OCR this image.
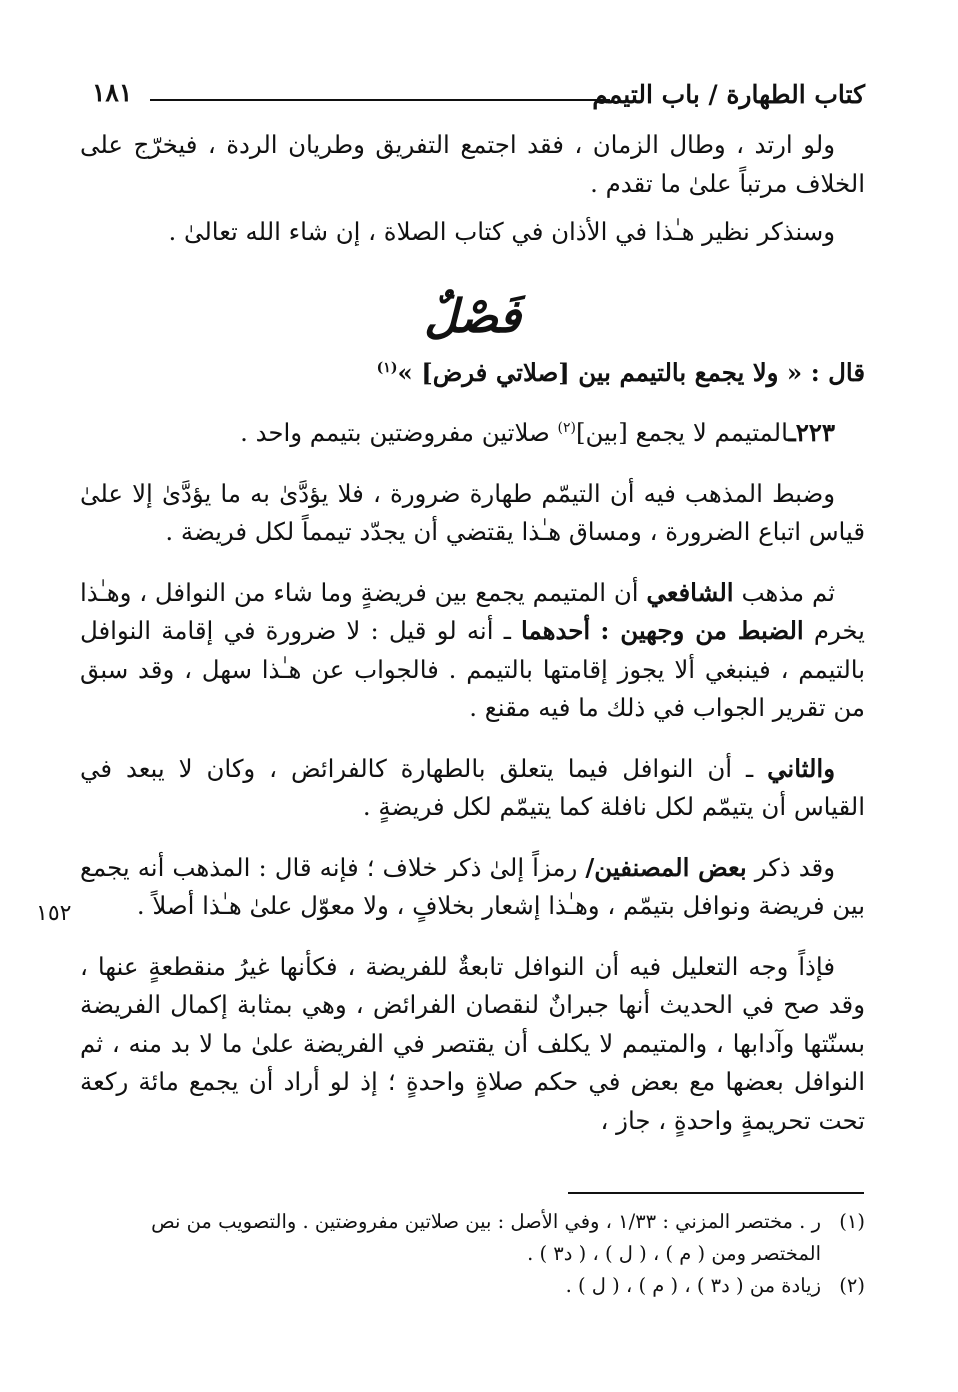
كتاب الطهارة / باب التيمم
١٨١

ولو ارتد ، وطال الزمان ، فقد اجتمع التفريق وطريان الردة ، فيخرّج على الخلاف مرتباً علىٰ ما تقدم .

وسنذكر نظير هـٰذا في الأذان في كتاب الصلاة ، إن شاء الله تعالىٰ .

فَصْلٌ

قال : « ولا يجمع بالتيمم بين [صلاتي فرض] »$^{(١)}$

٢٢٣ـالمتيمم لا يجمع [بين]$^{(٢)}$ صلاتين مفروضتين بتيمم واحد .

وضبط المذهب فيه أن التيمّم طهارة ضرورة ، فلا يؤدَّىٰ به ما يؤدَّىٰ إلا علىٰ قياس اتباع الضرورة ، ومساق هـٰذا يقتضي أن يجدّد تيمماً لكل فريضة .

ثم مذهب الشافعي أن المتيمم يجمع بين فريضةٍ وما شاء من النوافل ، وهـٰذا يخرم الضبط من وجهين : أحدهما ـ أنه لو قيل : لا ضرورة في إقامة النوافل بالتيمم ، فينبغي ألا يجوز إقامتها بالتيمم . فالجواب عن هـٰذا سهل ، وقد سبق من تقرير الجواب في ذلك ما فيه مقنع .

والثاني ـ أن النوافل فيما يتعلق بالطهارة كالفرائض ، وكان لا يبعد في القياس أن يتيمّم لكل نافلة كما يتيمّم لكل فريضةٍ .

وقد ذكر بعض المصنفين/ رمزاً إلىٰ ذكر خلاف ؛ فإنه قال : المذهب أنه يجمع بين فريضة ونوافل بتيمّم ، وهـٰذا إشعار بخلافٍ ، ولا معوّل علىٰ هـٰذا أصلاً .

فإذاً وجه التعليل فيه أن النوافل تابعةٌ للفريضة ، فكأنها غيرُ منقطعةٍ عنها ، وقد صح في الحديث أنها جبرانٌ لنقصان الفرائض ، وهي بمثابة إكمال الفريضة بسنّتها وآدابها ، والمتيمم لا يكلف أن يقتصر في الفريضة علىٰ ما لا بد منه ، ثم النوافل بعضها مع بعض في حكم صلاةٍ واحدةٍ ؛ إذ لو أراد أن يجمع مائة ركعة تحت تحريمةٍ واحدةٍ ، جاز ،

١٥٢
(١)
ر . مختصر المزني : ١/٣٣ ، وفي الأصل : بين صلاتين مفروضتين . والتصويب من نص المختصر ومن ( م ) ، ( ل ) ، ( د٣ ) .
(٢)
زيادة من ( د٣ ) ، ( م ) ، ( ل ) .
